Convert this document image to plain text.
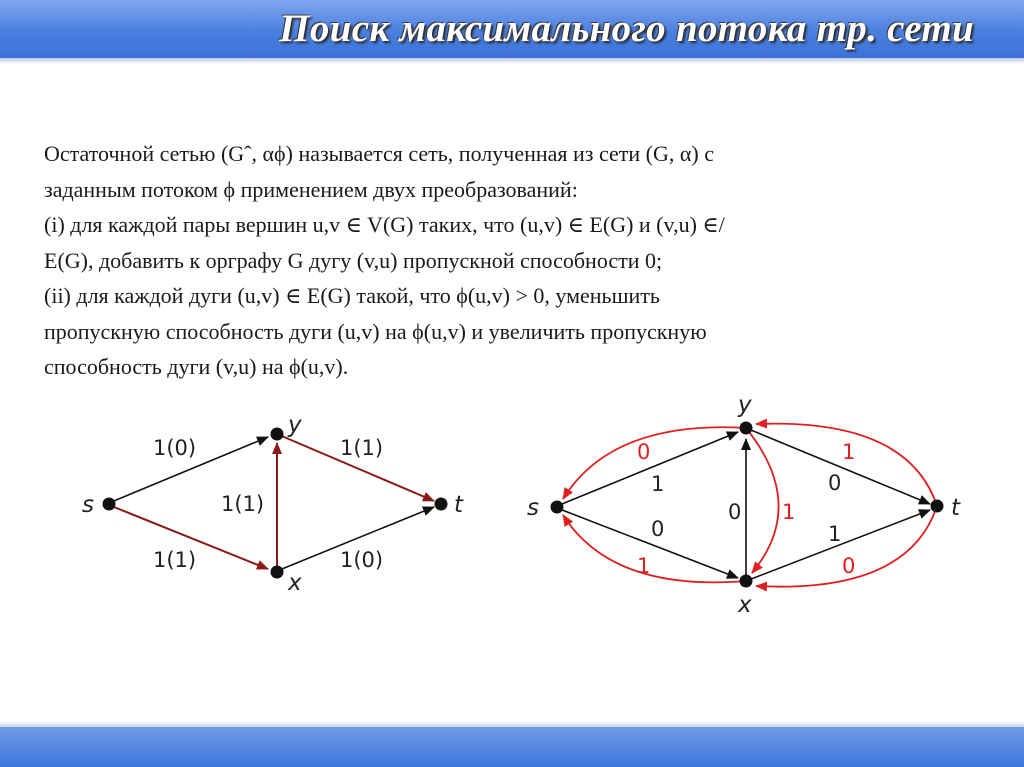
Поиск максимального потока тр. сети
Остаточной сетью (Gˆ, αϕ) называется сеть, полученная из сети (G, α) с
заданным потоком ϕ применением двух преобразований:
(i) для каждой пары вершин u,v ∈ V(G) таких, что (u,v) ∈ E(G) и (v,u) ∈/
E(G), добавить к орграфу G дугу (v,u) пропускной способности 0;
(ii) для каждой дуги (u,v) ∈ E(G) такой, что ϕ(u,v) > 0, уменьшить
пропускную способность дуги (u,v) на ϕ(u,v) и увеличить пропускную
способность дуги (v,u) на ϕ(u,v).
s
y
x
t
1(0)	1(1)
1(1)
1(1)	1(0)
s
y
x
t
1
0
0
0
1
0
1
1
1
0
